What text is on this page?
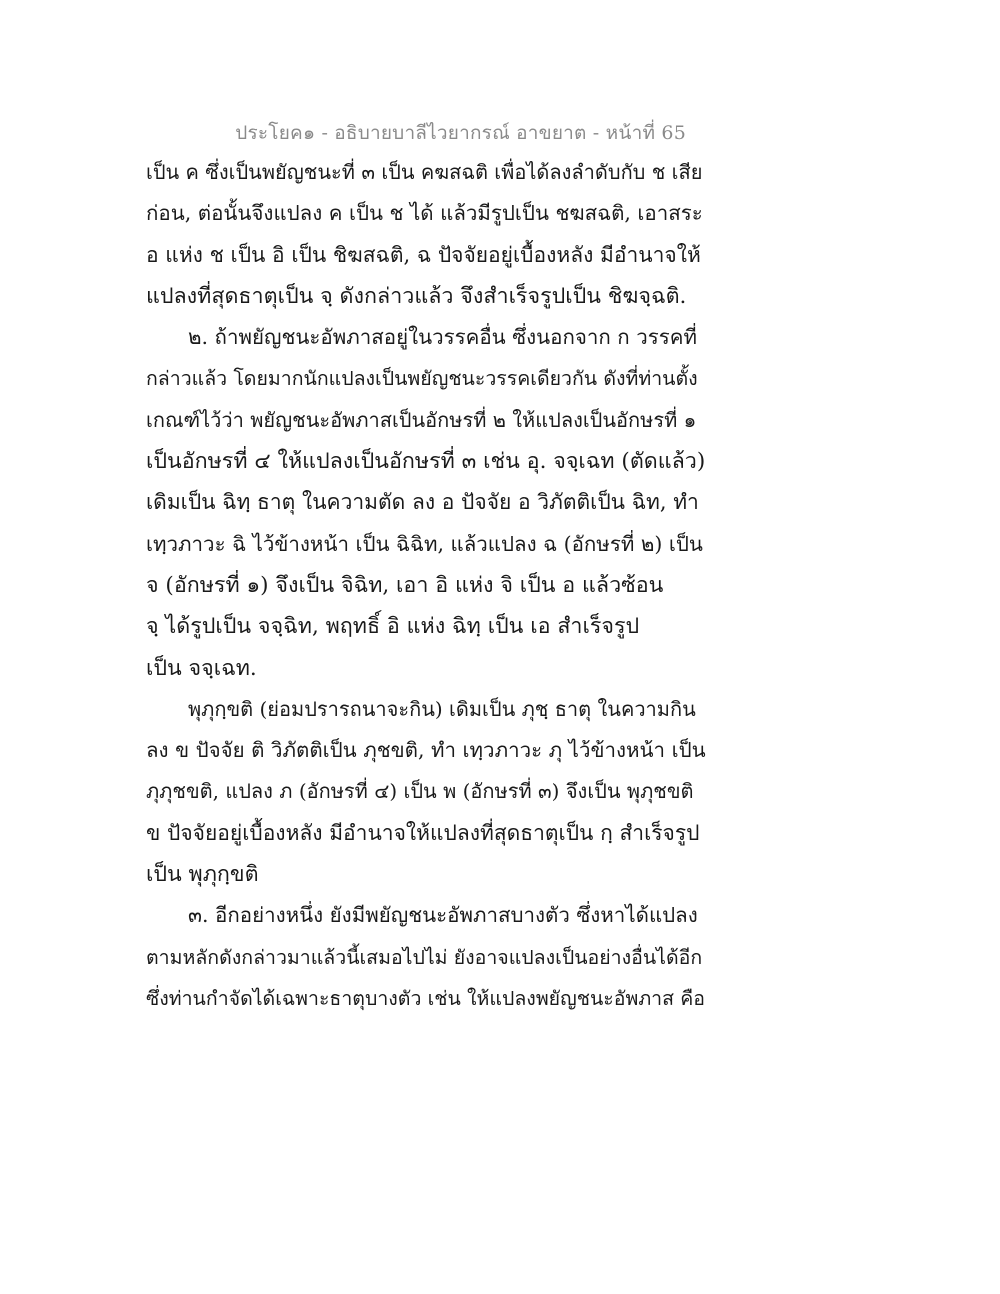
ประโยค๑ - อธิบายบาลีไวยากรณ์ อาขยาต - หน้าที่ 65
เป็น ค ซึ่งเป็นพยัญชนะที่ ๓ เป็น คฆสฉติ เพื่อได้ลงลำดับกับ ช เสีย
ก่อน, ต่อนั้นจึงแปลง ค เป็น ช ได้ แล้วมีรูปเป็น ชฆสฉติ, เอาสระ
อ แห่ง ช เป็น อิ เป็น ชิฆสฉติ, ฉ ปัจจัยอยู่เบื้องหลัง มีอำนาจให้
แปลงที่สุดธาตุเป็น จฺ ดังกล่าวแล้ว จึงสำเร็จรูปเป็น ชิฆจฺฉติ.
๒. ถ้าพยัญชนะอัพภาสอยู่ในวรรคอื่น ซึ่งนอกจาก ก วรรคที่
กล่าวแล้ว โดยมากนักแปลงเป็นพยัญชนะวรรคเดียวกัน ดังที่ท่านตั้ง
เกณฑ์ไว้ว่า พยัญชนะอัพภาสเป็นอักษรที่ ๒ ให้แปลงเป็นอักษรที่ ๑
เป็นอักษรที่ ๔ ให้แปลงเป็นอักษรที่ ๓ เช่น อุ. จจฺเฉท (ตัดแล้ว)
เดิมเป็น ฉิทฺ ธาตุ ในความตัด ลง อ ปัจจัย อ วิภัตติเป็น ฉิท, ทำ
เทฺวภาวะ ฉิ ไว้ข้างหน้า เป็น ฉิฉิท, แล้วแปลง ฉ (อักษรที่ ๒) เป็น
จ (อักษรที่ ๑) จึงเป็น จิฉิท, เอา อิ แห่ง จิ เป็น อ แล้วซ้อน
จฺ ได้รูปเป็น จจฺฉิท, พฤทธิ์ อิ แห่ง ฉิทฺ เป็น เอ สำเร็จรูป
เป็น จจฺเฉท.
พุภุกฺขติ (ย่อมปรารถนาจะกิน) เดิมเป็น ภุชฺ ธาตุ ในความกิน
ลง ข ปัจจัย ติ วิภัตติเป็น ภุชขติ, ทำ เทฺวภาวะ ภุ ไว้ข้างหน้า เป็น
ภุภุชขติ, แปลง ภ (อักษรที่ ๔) เป็น พ (อักษรที่ ๓) จึงเป็น พุภุชขติ
ข ปัจจัยอยู่เบื้องหลัง มีอำนาจให้แปลงที่สุดธาตุเป็น กฺ สำเร็จรูป
เป็น พุภุกฺขติ
๓. อีกอย่างหนึ่ง ยังมีพยัญชนะอัพภาสบางตัว ซึ่งหาได้แปลง
ตามหลักดังกล่าวมาแล้วนี้เสมอไปไม่ ยังอาจแปลงเป็นอย่างอื่นได้อีก
ซึ่งท่านกำจัดได้เฉพาะธาตุบางตัว เช่น ให้แปลงพยัญชนะอัพภาส คือ
